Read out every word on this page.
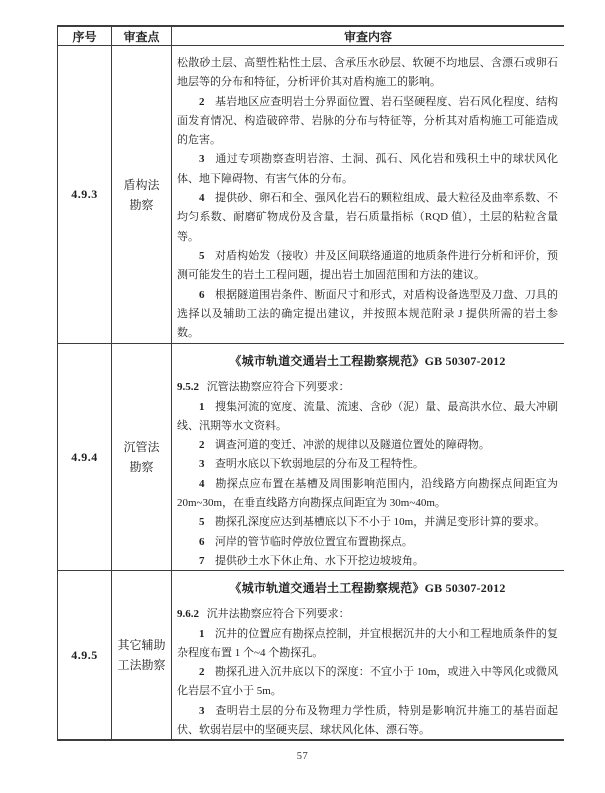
序号	审查点	审查内容
4.9.3
盾构法
勘察

松散砂土层、高塑性粘性土层、含承压水砂层、软硬不均地层、含漂石或卵石地层等的分布和特征，分析评价其对盾构施工的影响。

2 基岩地区应查明岩土分界面位置、岩石坚硬程度、岩石风化程度、结构面发育情况、构造破碎带、岩脉的分布与特征等，分析其对盾构施工可能造成的危害。

3 通过专项勘察查明岩溶、土洞、孤石、风化岩和残积土中的球状风化体、地下障碍物、有害气体的分布。

4 提供砂、卵石和全、强风化岩石的颗粒组成、最大粒径及曲率系数、不均匀系数、耐磨矿物成份及含量，岩石质量指标（RQD 值），土层的粘粒含量等。

5 对盾构始发（接收）井及区间联络通道的地质条件进行分析和评价，预测可能发生的岩土工程问题，提出岩土加固范围和方法的建议。

6 根据隧道围岩条件、断面尺寸和形式，对盾构设备选型及刀盘、刀具的选择以及辅助工法的确定提出建议，并按照本规范附录 J 提供所需的岩土参数。

4.9.4
沉管法
勘察

《城市轨道交通岩土工程勘察规范》GB 50307-2012

9.5.2 沉管法勘察应符合下列要求：

1 搜集河流的宽度、流量、流速、含砂（泥）量、最高洪水位、最大冲刷线、汛期等水文资料。

2 调查河道的变迁、冲淤的规律以及隧道位置处的障碍物。

3 查明水底以下软弱地层的分布及工程特性。

4 勘探点应布置在基槽及周围影响范围内，沿线路方向勘探点间距宜为 20m~30m，在垂直线路方向勘探点间距宜为 30m~40m。

5 勘探孔深度应达到基槽底以下不小于 10m，并满足变形计算的要求。

6 河岸的管节临时停放位置宜布置勘探点。

7 提供砂土水下休止角、水下开挖边坡坡角。

4.9.5
其它辅助
工法勘察

《城市轨道交通岩土工程勘察规范》GB 50307-2012

9.6.2 沉井法勘察应符合下列要求：

1 沉井的位置应有勘探点控制，并宜根据沉井的大小和工程地质条件的复杂程度布置 1 个~4 个勘探孔。

2 勘探孔进入沉井底以下的深度：不宜小于 10m，或进入中等风化或微风化岩层不宜小于 5m。

3 查明岩土层的分布及物理力学性质，特别是影响沉井施工的基岩面起伏、软弱岩层中的坚硬夹层、球状风化体、漂石等。

57
